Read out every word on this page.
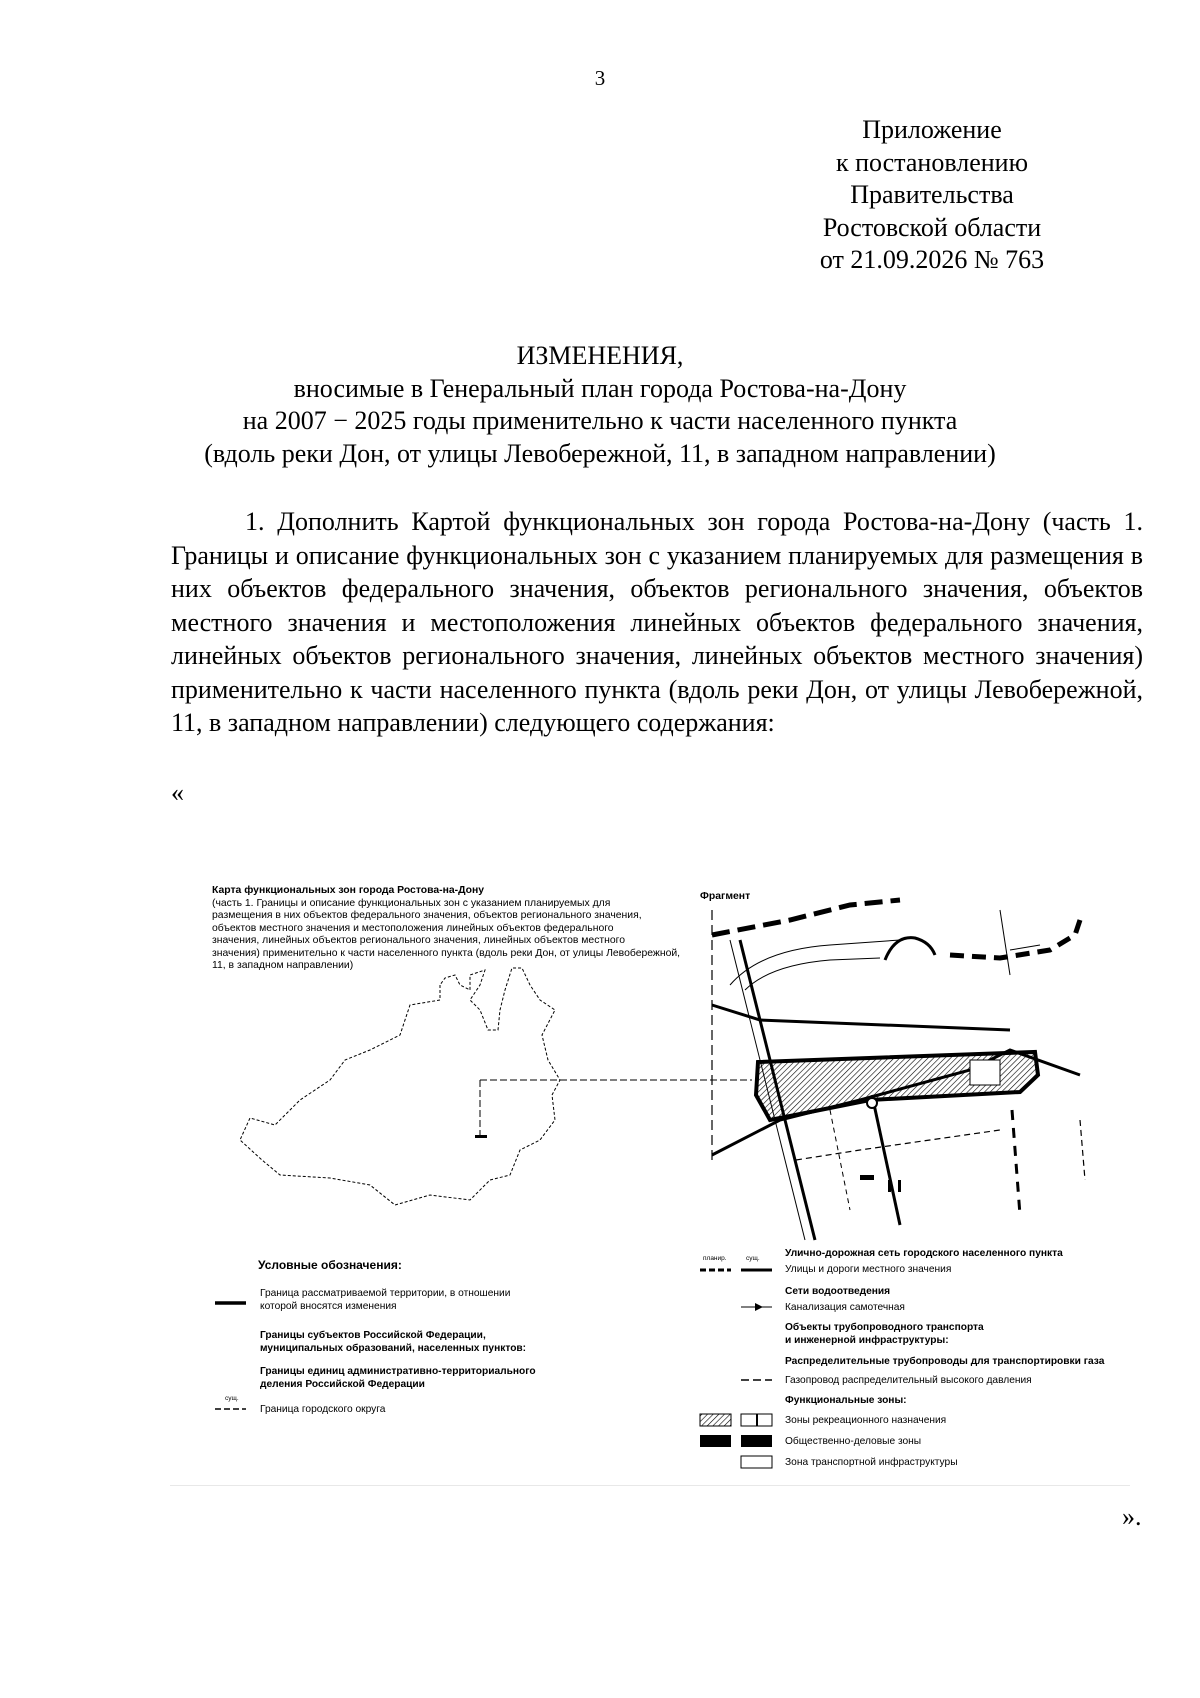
3
Приложение
к постановлению
Правительства
Ростовской области
от 21.09.2026 № 763
ИЗМЕНЕНИЯ,
вносимые в Генеральный план города Ростова-на-Дону
на 2007 − 2025 годы применительно к части населенного пункта
(вдоль реки Дон, от улицы Левобережной, 11, в западном направлении)
1. Дополнить Картой функциональных зон города Ростова-на-Дону (часть 1. Границы и описание функциональных зон с указанием планируемых для размещения в них объектов федерального значения, объектов регионального значения, объектов местного значения и местоположения линейных объектов федерального значения, линейных объектов регионального значения, линейных объектов местного значения) применительно к части населенного пункта (вдоль реки Дон, от улицы Левобережной, 11, в западном направлении) следующего содержания:
«
Карта функциональных зон города Ростова-на-Дону
(часть 1. Границы и описание функциональных зон с указанием планируемых для
размещения в них объектов федерального значения, объектов регионального значения,
объектов местного значения и местоположения линейных объектов федерального
значения, линейных объектов регионального значения, линейных объектов местного
значения) применительно к части населенного пункта (вдоль реки Дон, от улицы Левобережной,
11, в западном направлении)
Фрагмент
Условные обозначения:
Граница рассматриваемой территории, в отношении
которой вносятся изменения
Границы субъектов Российской Федерации,
муниципальных образований, населенных пунктов:
Границы единиц административно-территориального
деления Российской Федерации
сущ.
Граница городского округа
планир.	сущ. Улично-дорожная сеть городского населенного пункта
Улицы и дороги местного значения
Сети водоотведения
Канализация самотечная
Объекты трубопроводного транспорта
и инженерной инфраструктуры:
Распределительные трубопроводы для транспортировки газа
Газопровод распределительный высокого давления
Функциональные зоны:
Зоны рекреационного назначения
Общественно-деловые зоны
Зона транспортной инфраструктуры
».
